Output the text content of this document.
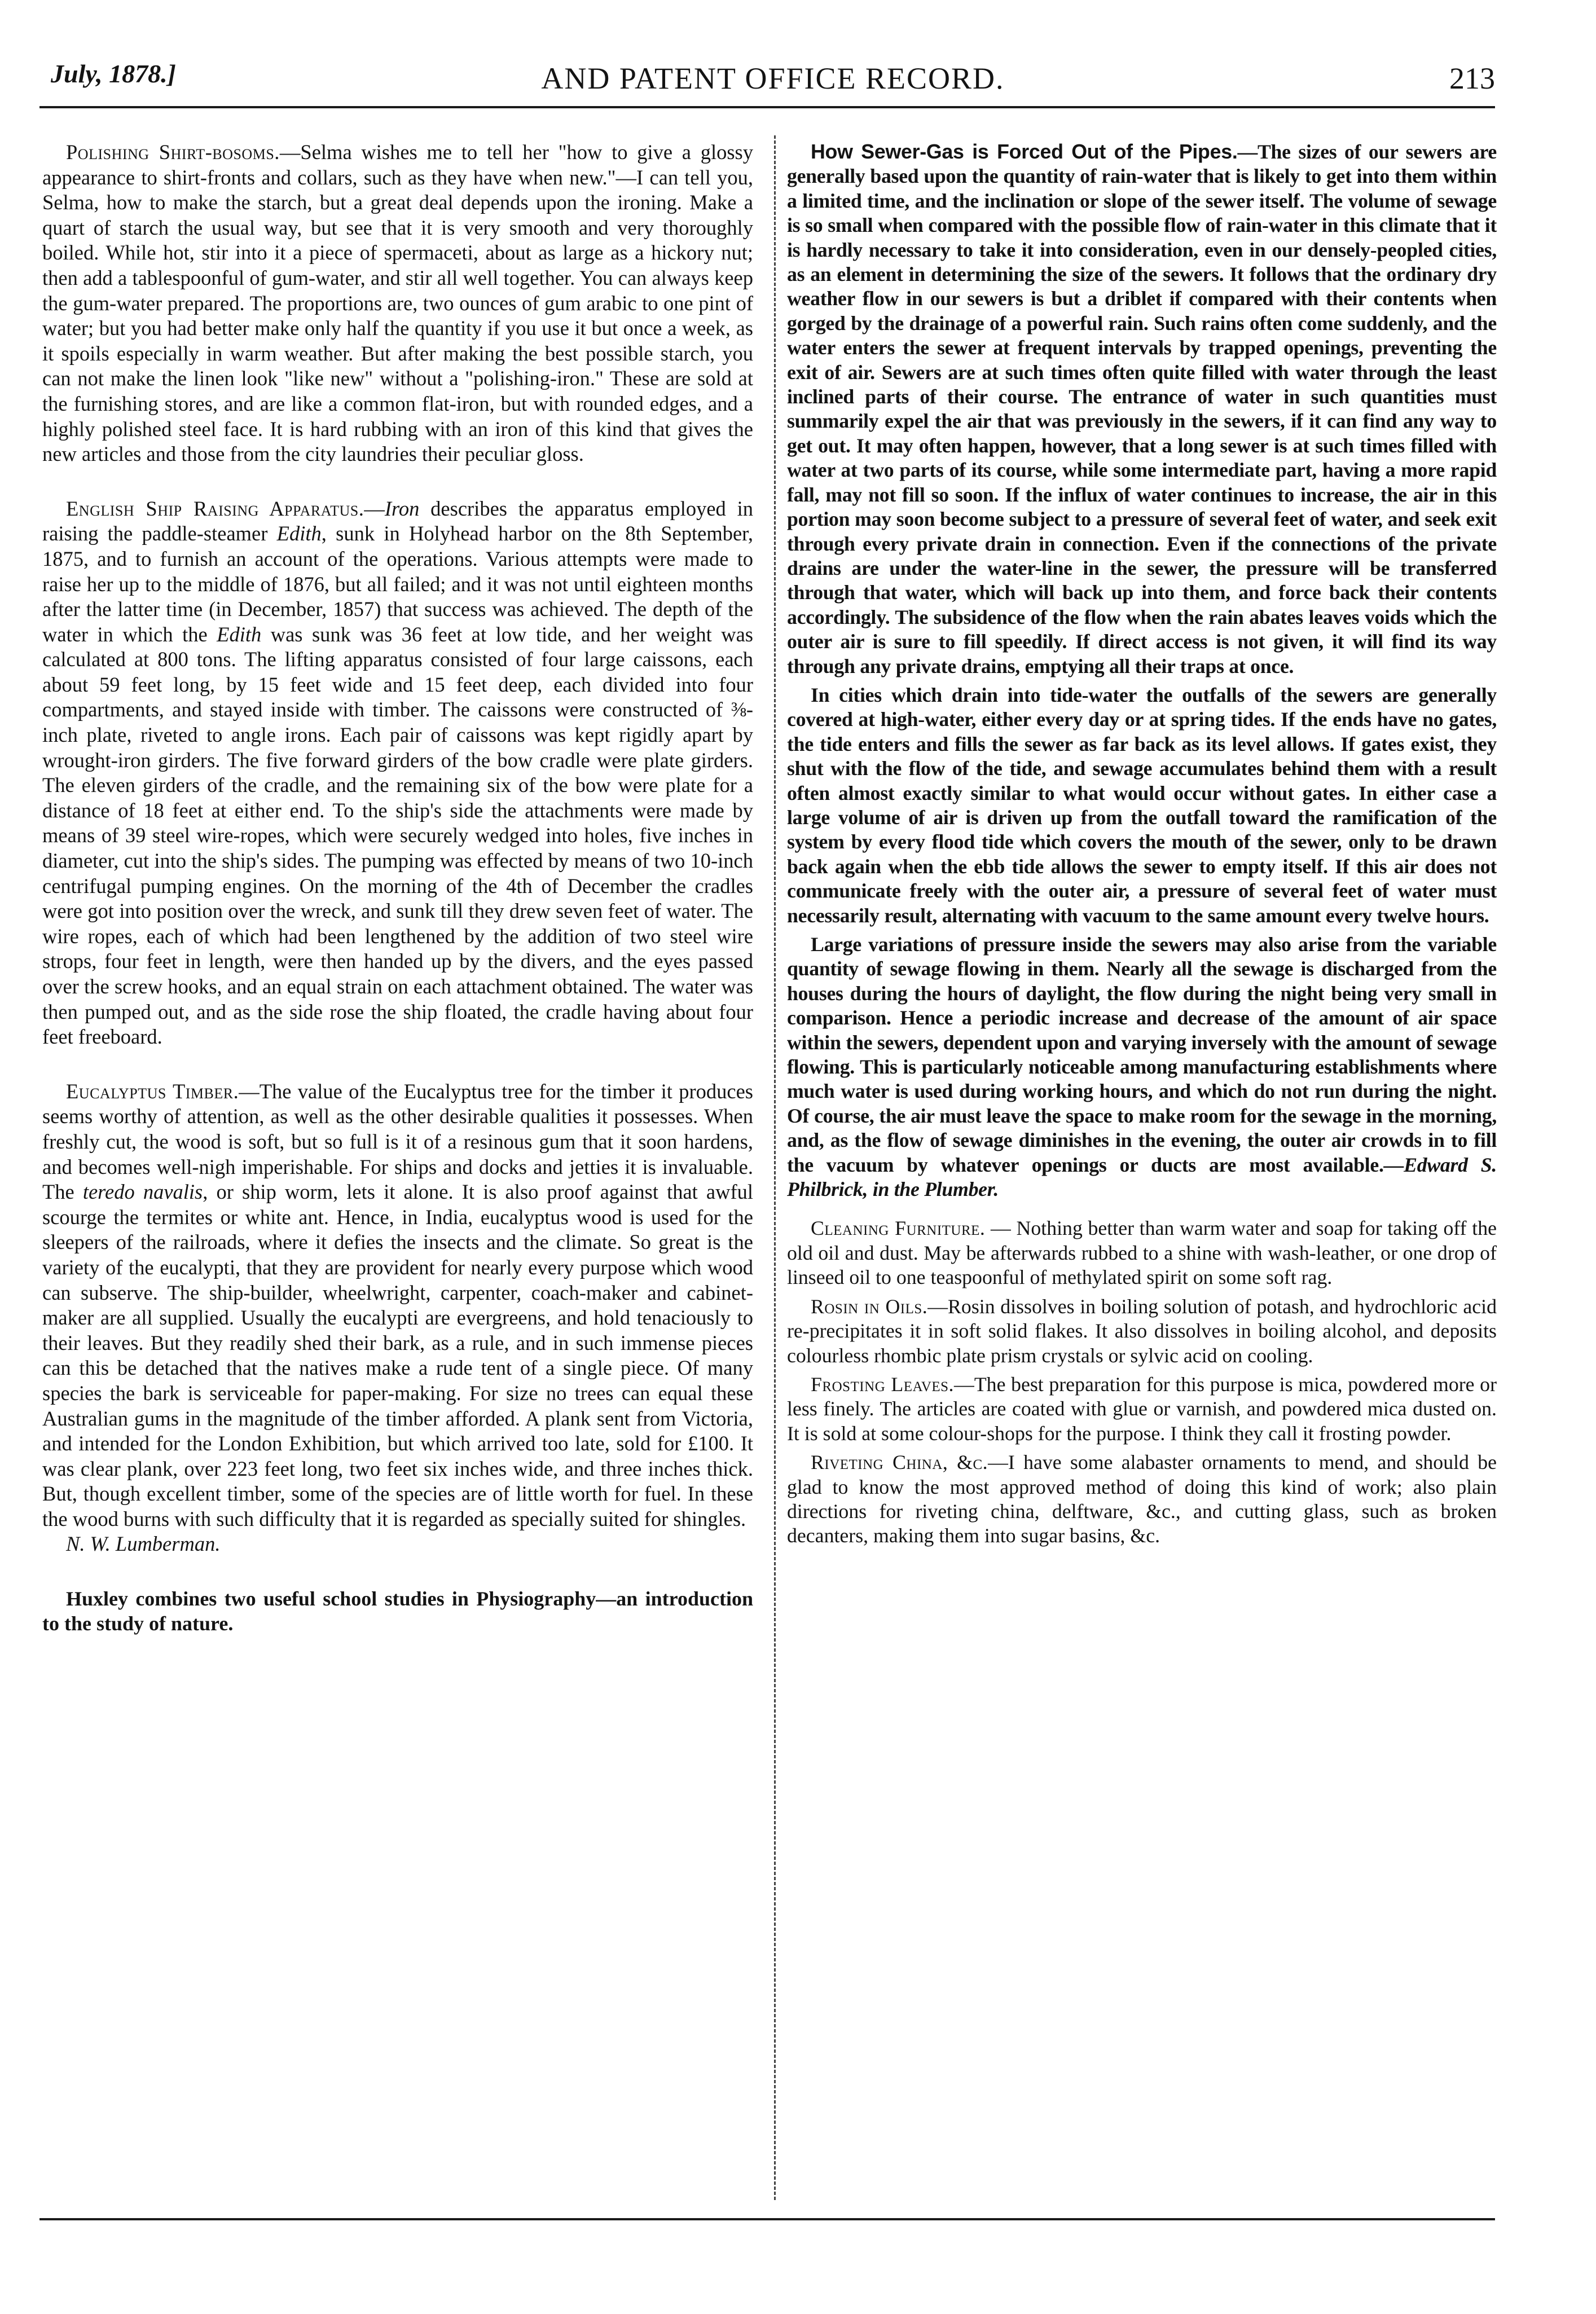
July, 1878.]	AND PATENT OFFICE RECORD.	213

Polishing Shirt-bosoms.—Selma wishes me to tell her "how to give a glossy appearance to shirt-fronts and collars, such as they have when new."—I can tell you, Selma, how to make the starch, but a great deal depends upon the ironing. Make a quart of starch the usual way, but see that it is very smooth and very thoroughly boiled. While hot, stir into it a piece of spermaceti, about as large as a hickory nut; then add a tablespoonful of gum-water, and stir all well together. You can always keep the gum-water prepared. The proportions are, two ounces of gum arabic to one pint of water; but you had better make only half the quantity if you use it but once a week, as it spoils especially in warm weather. But after making the best possible starch, you can not make the linen look "like new" without a "polishing-iron." These are sold at the furnishing stores, and are like a common flat-iron, but with rounded edges, and a highly polished steel face. It is hard rubbing with an iron of this kind that gives the new articles and those from the city laundries their peculiar gloss.

English Ship Raising Apparatus.—Iron describes the apparatus employed in raising the paddle-steamer Edith, sunk in Holyhead harbor on the 8th September, 1875, and to furnish an account of the operations. Various attempts were made to raise her up to the middle of 1876, but all failed; and it was not until eighteen months after the latter time (in December, 1857) that success was achieved. The depth of the water in which the Edith was sunk was 36 feet at low tide, and her weight was calculated at 800 tons. The lifting apparatus consisted of four large caissons, each about 59 feet long, by 15 feet wide and 15 feet deep, each divided into four compartments, and stayed inside with timber. The caissons were constructed of ⅜-inch plate, riveted to angle irons. Each pair of caissons was kept rigidly apart by wrought-iron girders. The five forward girders of the bow cradle were plate girders. The eleven girders of the cradle, and the remaining six of the bow were plate for a distance of 18 feet at either end. To the ship's side the attachments were made by means of 39 steel wire-ropes, which were securely wedged into holes, five inches in diameter, cut into the ship's sides. The pumping was effected by means of two 10-inch centrifugal pumping engines. On the morning of the 4th of December the cradles were got into position over the wreck, and sunk till they drew seven feet of water. The wire ropes, each of which had been lengthened by the addition of two steel wire strops, four feet in length, were then handed up by the divers, and the eyes passed over the screw hooks, and an equal strain on each attachment obtained. The water was then pumped out, and as the side rose the ship floated, the cradle having about four feet freeboard.

Eucalyptus Timber.—The value of the Eucalyptus tree for the timber it produces seems worthy of attention, as well as the other desirable qualities it possesses. When freshly cut, the wood is soft, but so full is it of a resinous gum that it soon hardens, and becomes well-nigh imperishable. For ships and docks and jetties it is invaluable. The teredo navalis, or ship worm, lets it alone. It is also proof against that awful scourge the termites or white ant. Hence, in India, eucalyptus wood is used for the sleepers of the railroads, where it defies the insects and the climate. So great is the variety of the eucalypti, that they are provident for nearly every purpose which wood can subserve. The ship-builder, wheelwright, carpenter, coach-maker and cabinet-maker are all supplied. Usually the eucalypti are evergreens, and hold tenaciously to their leaves. But they readily shed their bark, as a rule, and in such immense pieces can this be detached that the natives make a rude tent of a single piece. Of many species the bark is serviceable for paper-making. For size no trees can equal these Australian gums in the magnitude of the timber afforded. A plank sent from Victoria, and intended for the London Exhibition, but which arrived too late, sold for £100. It was clear plank, over 223 feet long, two feet six inches wide, and three inches thick. But, though excellent timber, some of the species are of little worth for fuel. In these the wood burns with such difficulty that it is regarded as specially suited for shingles.
N. W. Lumberman.

Huxley combines two useful school studies in Physiography—an introduction to the study of nature.

How Sewer-Gas is Forced Out of the Pipes.—The sizes of our sewers are generally based upon the quantity of rain-water that is likely to get into them within a limited time, and the inclination or slope of the sewer itself. The volume of sewage is so small when compared with the possible flow of rain-water in this climate that it is hardly necessary to take it into consideration, even in our densely-peopled cities, as an element in determining the size of the sewers. It follows that the ordinary dry weather flow in our sewers is but a driblet if compared with their contents when gorged by the drainage of a powerful rain. Such rains often come suddenly, and the water enters the sewer at frequent intervals by trapped openings, preventing the exit of air. Sewers are at such times often quite filled with water through the least inclined parts of their course. The entrance of water in such quantities must summarily expel the air that was previously in the sewers, if it can find any way to get out. It may often happen, however, that a long sewer is at such times filled with water at two parts of its course, while some intermediate part, having a more rapid fall, may not fill so soon. If the influx of water continues to increase, the air in this portion may soon become subject to a pressure of several feet of water, and seek exit through every private drain in connection. Even if the connections of the private drains are under the water-line in the sewer, the pressure will be transferred through that water, which will back up into them, and force back their contents accordingly. The subsidence of the flow when the rain abates leaves voids which the outer air is sure to fill speedily. If direct access is not given, it will find its way through any private drains, emptying all their traps at once.

In cities which drain into tide-water the outfalls of the sewers are generally covered at high-water, either every day or at spring tides. If the ends have no gates, the tide enters and fills the sewer as far back as its level allows. If gates exist, they shut with the flow of the tide, and sewage accumulates behind them with a result often almost exactly similar to what would occur without gates. In either case a large volume of air is driven up from the outfall toward the ramification of the system by every flood tide which covers the mouth of the sewer, only to be drawn back again when the ebb tide allows the sewer to empty itself. If this air does not communicate freely with the outer air, a pressure of several feet of water must necessarily result, alternating with vacuum to the same amount every twelve hours.

Large variations of pressure inside the sewers may also arise from the variable quantity of sewage flowing in them. Nearly all the sewage is discharged from the houses during the hours of daylight, the flow during the night being very small in comparison. Hence a periodic increase and decrease of the amount of air space within the sewers, dependent upon and varying inversely with the amount of sewage flowing. This is particularly noticeable among manufacturing establishments where much water is used during working hours, and which do not run during the night. Of course, the air must leave the space to make room for the sewage in the morning, and, as the flow of sewage diminishes in the evening, the outer air crowds in to fill the vacuum by whatever openings or ducts are most available.—Edward S. Philbrick, in the Plumber.

Cleaning Furniture. — Nothing better than warm water and soap for taking off the old oil and dust. May be afterwards rubbed to a shine with wash-leather, or one drop of linseed oil to one teaspoonful of methylated spirit on some soft rag.

Rosin in Oils.—Rosin dissolves in boiling solution of potash, and hydrochloric acid re-precipitates it in soft solid flakes. It also dissolves in boiling alcohol, and deposits colourless rhombic plate prism crystals or sylvic acid on cooling.

Frosting Leaves.—The best preparation for this purpose is mica, powdered more or less finely. The articles are coated with glue or varnish, and powdered mica dusted on. It is sold at some colour-shops for the purpose. I think they call it frosting powder.

Riveting China, &c.—I have some alabaster ornaments to mend, and should be glad to know the most approved method of doing this kind of work; also plain directions for riveting china, delftware, &c., and cutting glass, such as broken decanters, making them into sugar basins, &c.
